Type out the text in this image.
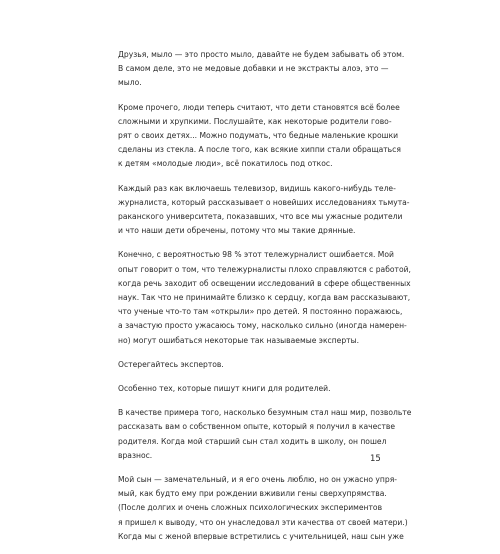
Друзья, мыло — это просто мыло, давайте не будем забывать об этом.
В самом деле, это не медовые добавки и не экстракты алоэ, это —
мыло.

Кроме прочего, люди теперь считают, что дети становятся всё более
сложными и хрупкими. Послушайте, как некоторые родители гово-
рят о своих детях... Можно подумать, что бедные маленькие крошки
сделаны из стекла. А после того, как всякие хиппи стали обращаться
к детям «молодые люди», всё покатилось под откос.

Каждый раз как включаешь телевизор, видишь какого-нибудь теле-
журналиста, который рассказывает о новейших исследованиях тьмута-
раканского университета, показавших, что все мы ужасные родители
и что наши дети обречены, потому что мы такие дрянные.

Конечно, с вероятностью 98 % этот тележурналист ошибается. Мой
опыт говорит о том, что тележурналисты плохо справляются с работой,
когда речь заходит об освещении исследований в сфере общественных
наук. Так что не принимайте близко к сердцу, когда вам рассказывают,
что ученые что-то там «открыли» про детей. Я постоянно поражаюсь,
а зачастую просто ужасаюсь тому, насколько сильно (иногда намерен-
но) могут ошибаться некоторые так называемые эксперты.

Остерегайтесь экспертов.

Особенно тех, которые пишут книги для родителей.

В качестве примера того, насколько безумным стал наш мир, позвольте
рассказать вам о собственном опыте, который я получил в качестве
родителя. Когда мой старший сын стал ходить в школу, он пошел
вразнос.

Мой сын — замечательный, и я его очень люблю, но он ужасно упря-
мый, как будто ему при рождении вживили гены сверхупрямства.
(После долгих и очень сложных психологических экспериментов
я пришел к выводу, что он унаследовал эти качества от своей матери.)
Когда мы с женой впервые встретились с учительницей, наш сын уже

15
